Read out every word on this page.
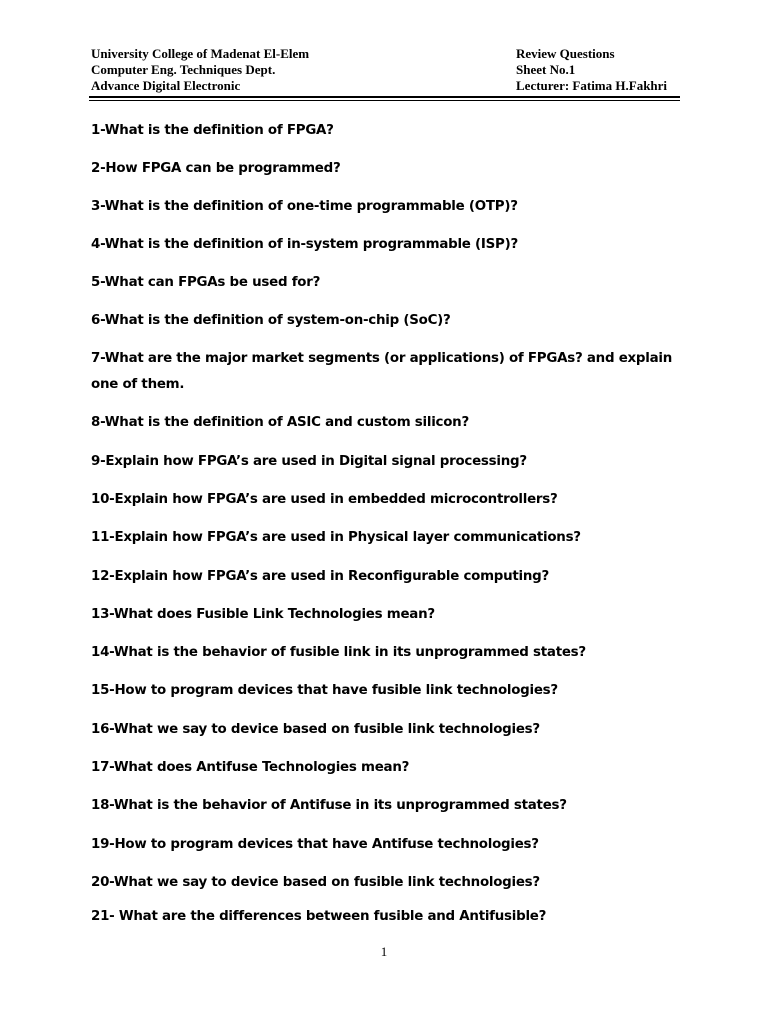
University College of Madenat El-Elem	Review Questions
Computer Eng. Techniques Dept.	Sheet No.1
Advance Digital Electronic	Lecturer: Fatima H.Fakhri
1-What is the definition of FPGA?
2-How FPGA can be programmed?
3-What is the definition of one-time programmable (OTP)?
4-What is the definition of in-system programmable (ISP)?
5-What can FPGAs be used for?
6-What is the definition of system-on-chip (SoC)?
7-What are the major market segments (or applications) of FPGAs? and explain one of them.
8-What is the definition of ASIC and custom silicon?
9-Explain how FPGA’s are used in Digital signal processing?
10-Explain how FPGA’s are used in embedded microcontrollers?
11-Explain how FPGA’s are used in Physical layer communications?
12-Explain how FPGA’s are used in Reconfigurable computing?
13-What does Fusible Link Technologies mean?
14-What is the behavior of fusible link in its unprogrammed states?
15-How to program devices that have fusible link technologies?
16-What we say to device based on fusible link technologies?
17-What does Antifuse Technologies mean?
18-What is the behavior of Antifuse in its unprogrammed states?
19-How to program devices that have Antifuse technologies?
20-What we say to device based on fusible link technologies?
21- What are the differences between fusible and Antifusible?
1
